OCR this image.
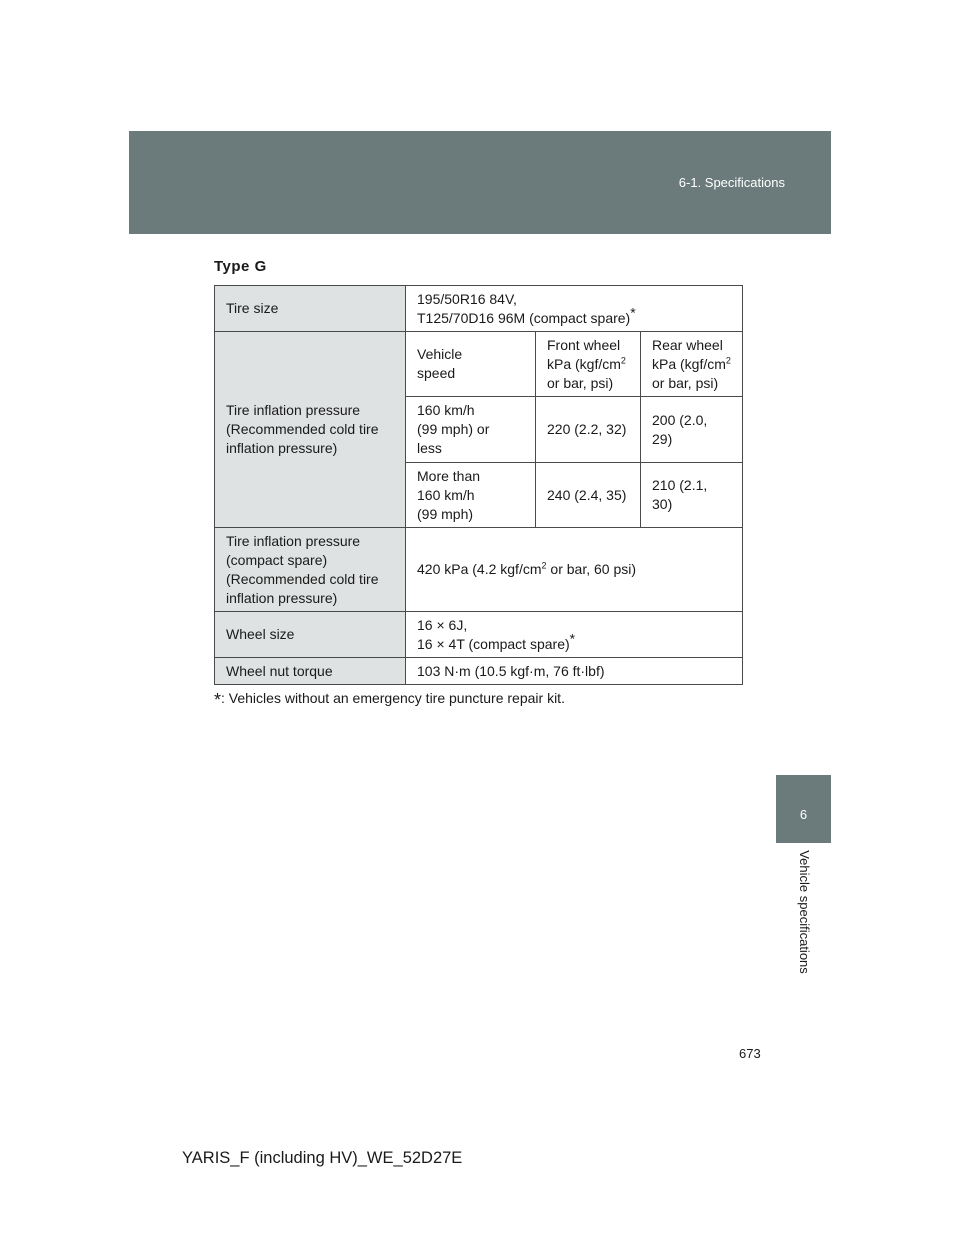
6-1. Specifications
6
Vehicle specifications
Type G
Tire size	195/50R16 84V,
T125/70D16 96M (compact spare)*
Tire inflation pressure
(Recommended cold tire
inflation pressure)	Vehicle
speed	Front wheel
kPa ($kgf/cm^2$
or bar, psi)	Rear wheel
kPa ($kgf/cm^2$
or bar, psi)
	160 km/h
(99 mph) or
less	220 (2.2, 32)	200 (2.0, 29)
	More than
160 km/h
(99 mph)	240 (2.4, 35)	210 (2.1, 30)
Tire inflation pressure
(compact spare)
(Recommended cold tire
inflation pressure)	420 kPa (4.2 kgf/$cm^2$ or bar, 60 psi)		
Wheel size	16 × 6J,
16 × 4T (compact spare)*
Wheel nut torque	103 N·m (10.5 kgf·m, 76 ft·lbf)		
*: Vehicles without an emergency tire puncture repair kit.
673
YARIS_F (including HV)_WE_52D27E
